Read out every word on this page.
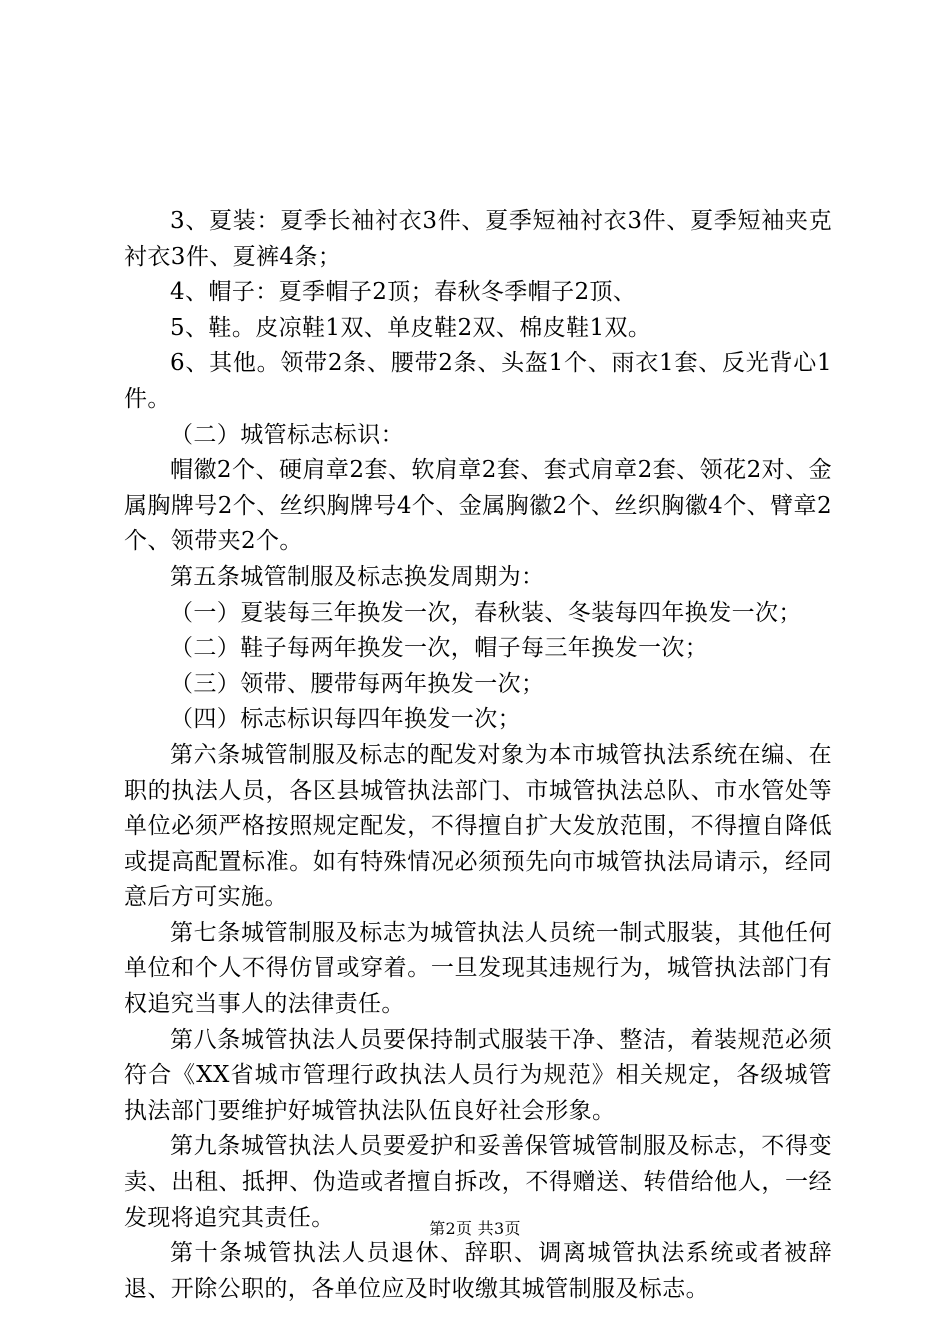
3、夏装：夏季长袖衬衣3件、夏季短袖衬衣3件、夏季短袖夹克衬衣3件、夏裤4条；

4、帽子：夏季帽子2顶；春秋冬季帽子2顶、

5、鞋。皮凉鞋1双、单皮鞋2双、棉皮鞋1双。

6、其他。领带2条、腰带2条、头盔1个、雨衣1套、反光背心1件。

（二）城管标志标识：

帽徽2个、硬肩章2套、软肩章2套、套式肩章2套、领花2对、金属胸牌号2个、丝织胸牌号4个、金属胸徽2个、丝织胸徽4个、臂章2个、领带夹2个。

第五条城管制服及标志换发周期为：

（一）夏装每三年换发一次，春秋装、冬装每四年换发一次；

（二）鞋子每两年换发一次，帽子每三年换发一次；

（三）领带、腰带每两年换发一次；

（四）标志标识每四年换发一次；

第六条城管制服及标志的配发对象为本市城管执法系统在编、在职的执法人员，各区县城管执法部门、市城管执法总队、市水管处等单位必须严格按照规定配发，不得擅自扩大发放范围，不得擅自降低或提高配置标准。如有特殊情况必须预先向市城管执法局请示，经同意后方可实施。

第七条城管制服及标志为城管执法人员统一制式服装，其他任何单位和个人不得仿冒或穿着。一旦发现其违规行为，城管执法部门有权追究当事人的法律责任。

第八条城管执法人员要保持制式服装干净、整洁，着装规范必须符合《XX省城市管理行政执法人员行为规范》相关规定，各级城管执法部门要维护好城管执法队伍良好社会形象。

第九条城管执法人员要爱护和妥善保管城管制服及标志，不得变卖、出租、抵押、伪造或者擅自拆改，不得赠送、转借给他人，一经发现将追究其责任。

第十条城管执法人员退休、辞职、调离城管执法系统或者被辞退、开除公职的，各单位应及时收缴其城管制服及标志。

第2页 共3页
